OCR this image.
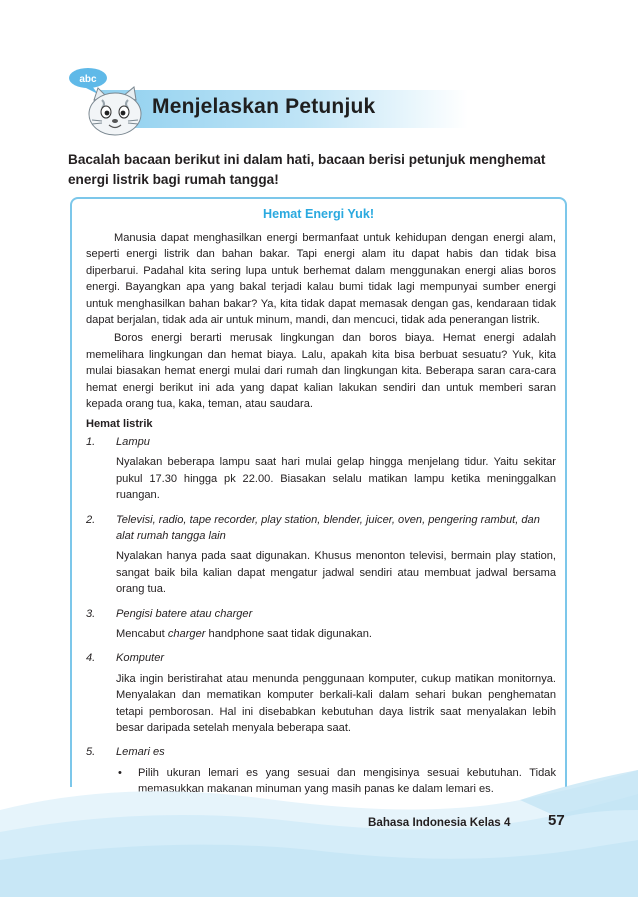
abc
Menjelaskan Petunjuk
Bacalah bacaan berikut ini dalam hati, bacaan berisi petunjuk menghemat energi listrik bagi rumah tangga!
Hemat Energi Yuk!

Manusia dapat menghasilkan energi bermanfaat untuk kehidupan dengan energi alam, seperti energi listrik dan bahan bakar. Tapi energi alam itu dapat habis dan tidak bisa diperbarui. Padahal kita sering lupa untuk berhemat dalam menggunakan energi alias boros energi. Bayangkan apa yang bakal terjadi kalau bumi tidak lagi mempunyai sumber energi untuk menghasilkan bahan bakar? Ya, kita tidak dapat memasak dengan gas, kendaraan tidak dapat berjalan, tidak ada air untuk minum, mandi, dan mencuci, tidak ada penerangan listrik.

Boros energi berarti merusak lingkungan dan boros biaya. Hemat energi adalah memelihara lingkungan dan hemat biaya. Lalu, apakah kita bisa berbuat sesuatu? Yuk, kita mulai biasakan hemat energi mulai dari rumah dan lingkungan kita. Beberapa saran cara-cara hemat energi berikut ini ada yang dapat kalian lakukan sendiri dan untuk memberi saran kepada orang tua, kaka, teman, atau saudara.

Hemat listrik
1. Lampu
Nyalakan beberapa lampu saat hari mulai gelap hingga menjelang tidur. Yaitu sekitar pukul 17.30 hingga pk 22.00. Biasakan selalu matikan lampu ketika meninggalkan ruangan.
2. Televisi, radio, tape recorder, play station, blender, juicer, oven, pengering rambut, dan alat rumah tangga lain
Nyalakan hanya pada saat digunakan. Khusus menonton televisi, bermain play station, sangat baik bila kalian dapat mengatur jadwal sendiri atau membuat jadwal bersama orang tua.
3. Pengisi batere atau charger
Mencabut charger handphone saat tidak digunakan.
4. Komputer
Jika ingin beristirahat atau menunda penggunaan komputer, cukup matikan monitornya. Menyalakan dan mematikan komputer berkali-kali dalam sehari bukan penghematan tetapi pemborosan. Hal ini disebabkan kebutuhan daya listrik saat menyalakan lebih besar daripada setelah menyala beberapa saat.
5. Lemari es
• Pilih ukuran lemari es yang sesuai dan mengisinya sesuai kebutuhan. Tidak memasukkan makanan minuman yang masih panas ke dalam lemari es.
Bahasa Indonesia Kelas 4	57
